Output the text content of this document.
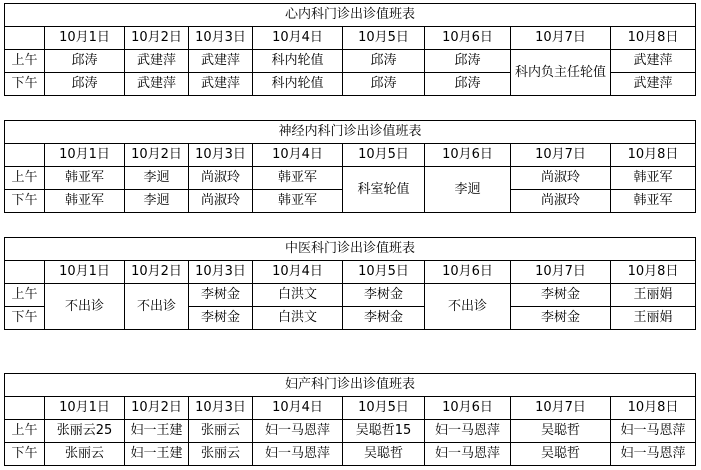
心内科门诊出诊值班表								
	10月1日	10月2日	10月3日	10月4日	10月5日	10月6日	10月7日	10月8日
上午	邱涛	武建萍	武建萍	科内轮值	邱涛	邱涛	科内负主任轮值	武建萍
下午	邱涛	武建萍	武建萍	科内轮值	邱涛	邱涛		武建萍
神经内科门诊出诊值班表								
	10月1日	10月2日	10月3日	10月4日	10月5日	10月6日	10月7日	10月8日
上午	韩亚军	李迥	尚淑玲	韩亚军	科室轮值	李迥	尚淑玲	韩亚军
下午	韩亚军	李迥	尚淑玲	韩亚军			尚淑玲	韩亚军
中医科门诊出诊值班表								
	10月1日	10月2日	10月3日	10月4日	10月5日	10月6日	10月7日	10月8日
上午	不出诊	不出诊	李树金	白洪文	李树金	不出诊	李树金	王丽娟
下午			李树金	白洪文	李树金		李树金	王丽娟
妇产科门诊出诊值班表								
	10月1日	10月2日	10月3日	10月4日	10月5日	10月6日	10月7日	10月8日
上午	张丽云25	妇一王建	张丽云	妇一马恩萍	吴聪哲15	妇一马恩萍	吴聪哲	妇一马恩萍
下午	张丽云	妇一王建	张丽云	妇一马恩萍	吴聪哲	妇一马恩萍	吴聪哲	妇一马恩萍
